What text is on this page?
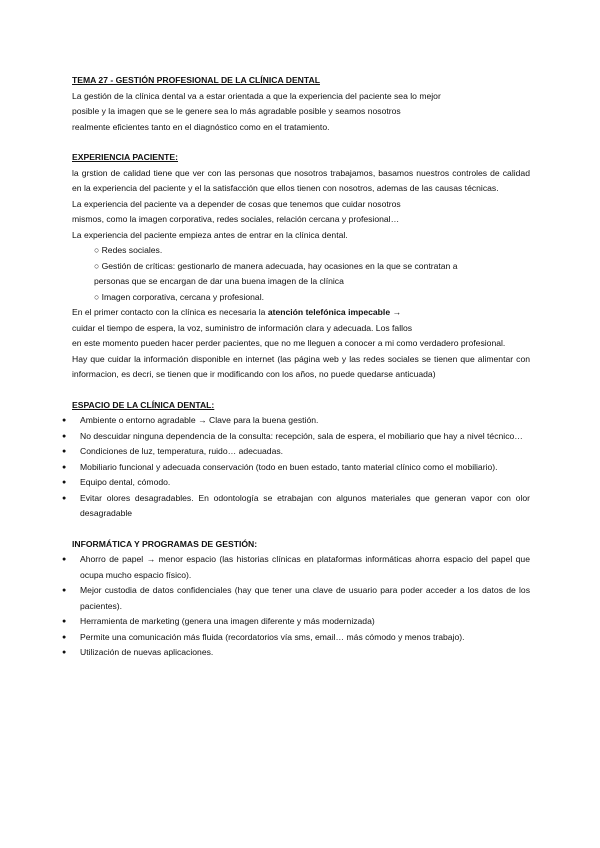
TEMA 27 - GESTIÓN PROFESIONAL DE LA CLÍNICA DENTAL
La gestión de la clínica dental va a estar orientada a que la experiencia del paciente sea lo mejor
posible y la imagen que se le genere sea lo más agradable posible y seamos nosotros
realmente eficientes tanto en el diagnóstico como en el tratamiento.
EXPERIENCIA PACIENTE:
la grstion de calidad tiene que ver con las personas que nosotros trabajamos, basamos nuestros controles de calidad en la experiencia del paciente y el la satisfacción que ellos tienen con nosotros, ademas de las causas técnicas.
La experiencia del paciente va a depender de cosas que tenemos que cuidar nosotros
mismos, como la imagen corporativa, redes sociales, relación cercana y profesional…
La experiencia del paciente empieza antes de entrar en la clínica dental.
○ Redes sociales.
○ Gestión de críticas: gestionarlo de manera adecuada, hay ocasiones en la que se contratan a
personas que se encargan de dar una buena imagen de la clínica
○ Imagen corporativa, cercana y profesional.
En el primer contacto con la clínica es necesaria la atención telefónica impecable →
cuidar el tiempo de espera, la voz, suministro de información clara y adecuada. Los fallos
en este momento pueden hacer perder pacientes, que no me lleguen a conocer a mi como verdadero profesional.
Hay que cuidar la información disponible en internet (las página web y las redes sociales se tienen que alimentar con informacion, es decri, se tienen que ir modificando con los años, no puede quedarse anticuada)
ESPACIO DE LA CLÍNICA DENTAL:
● Ambiente o entorno agradable → Clave para la buena gestión.
● No descuidar ninguna dependencia de la consulta: recepción, sala de espera, el mobiliario que hay a nivel técnico…
● Condiciones de luz, temperatura, ruido… adecuadas.
● Mobiliario funcional y adecuada conservación (todo en buen estado, tanto material clínico como el mobiliario).
● Equipo dental, cómodo.
● Evitar olores desagradables. En odontología se etrabajan con algunos materiales que generan vapor con olor desagradable
INFORMÁTICA Y PROGRAMAS DE GESTIÓN:
● Ahorro de papel → menor espacio (las historias clínicas en plataformas informáticas ahorra espacio del papel que ocupa mucho espacio físico).
● Mejor custodia de datos confidenciales (hay que tener una clave de usuario para poder acceder a los datos de los pacientes).
● Herramienta de marketing (genera una imagen diferente y más modernizada)
● Permite una comunicación más fluida (recordatorios vía sms, email… más cómodo y menos trabajo).
● Utilización de nuevas aplicaciones.
